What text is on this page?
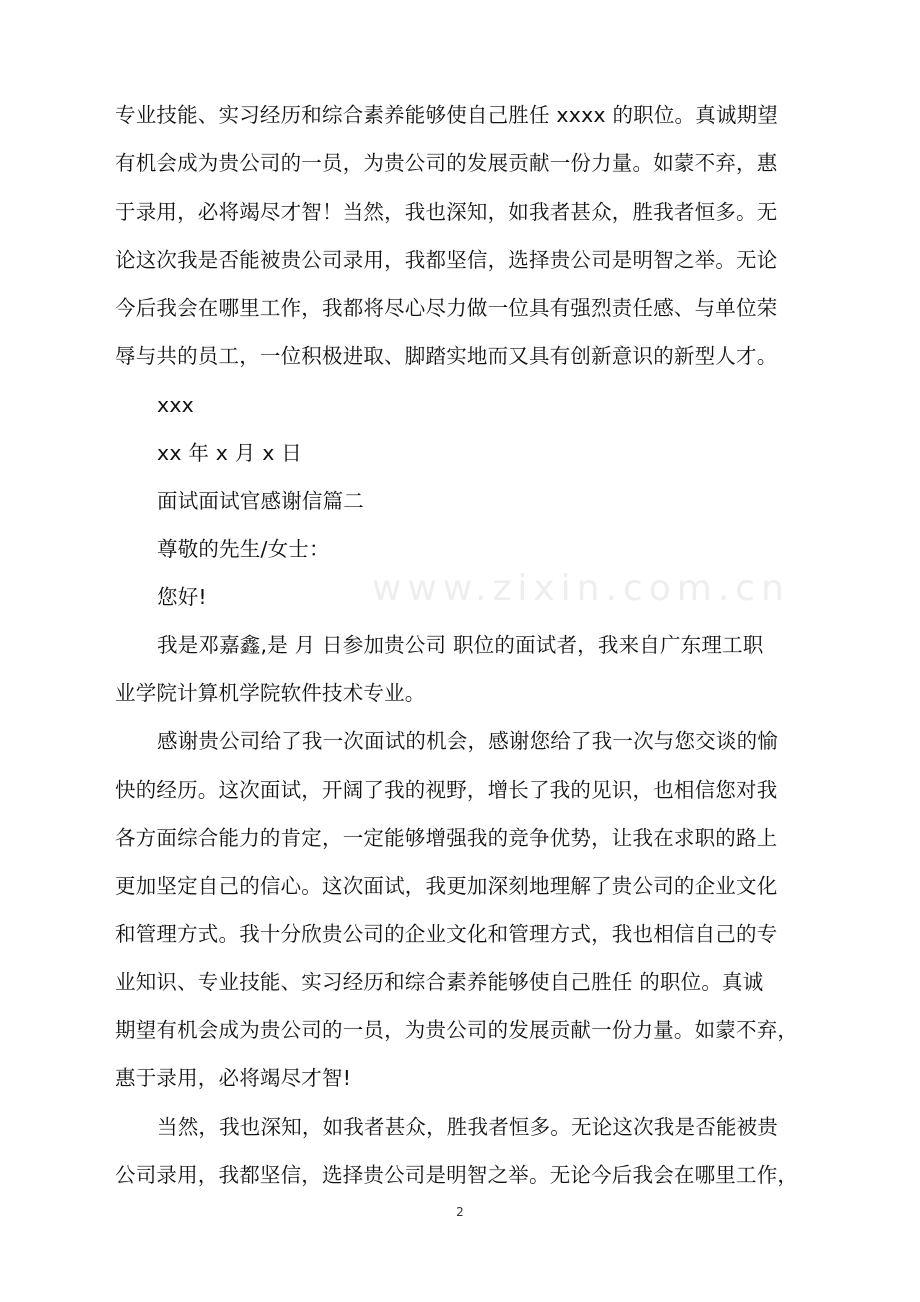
专业技能、实习经历和综合素养能够使自己胜任 xxxx 的职位。真诚期望
有机会成为贵公司的一员，为贵公司的发展贡献一份力量。如蒙不弃，惠
于录用，必将竭尽才智！当然，我也深知，如我者甚众，胜我者恒多。无
论这次我是否能被贵公司录用，我都坚信，选择贵公司是明智之举。无论
今后我会在哪里工作，我都将尽心尽力做一位具有强烈责任感、与单位荣
辱与共的员工，一位积极进取、脚踏实地而又具有创新意识的新型人才。
xxx
xx 年 x 月 x 日
面试面试官感谢信篇二
尊敬的先生/女士：
您好!
我是邓嘉鑫,是 月 日参加贵公司 职位的面试者，我来自广东理工职
业学院计算机学院软件技术专业。
感谢贵公司给了我一次面试的机会，感谢您给了我一次与您交谈的愉
快的经历。这次面试，开阔了我的视野，增长了我的见识，也相信您对我
各方面综合能力的肯定，一定能够增强我的竞争优势，让我在求职的路上
更加坚定自己的信心。这次面试，我更加深刻地理解了贵公司的企业文化
和管理方式。我十分欣贵公司的企业文化和管理方式，我也相信自己的专
业知识、专业技能、实习经历和综合素养能够使自己胜任 的职位。真诚
期望有机会成为贵公司的一员，为贵公司的发展贡献一份力量。如蒙不弃，
惠于录用，必将竭尽才智!
当然，我也深知，如我者甚众，胜我者恒多。无论这次我是否能被贵
公司录用，我都坚信，选择贵公司是明智之举。无论今后我会在哪里工作，
www.zixin.com.cn
2
